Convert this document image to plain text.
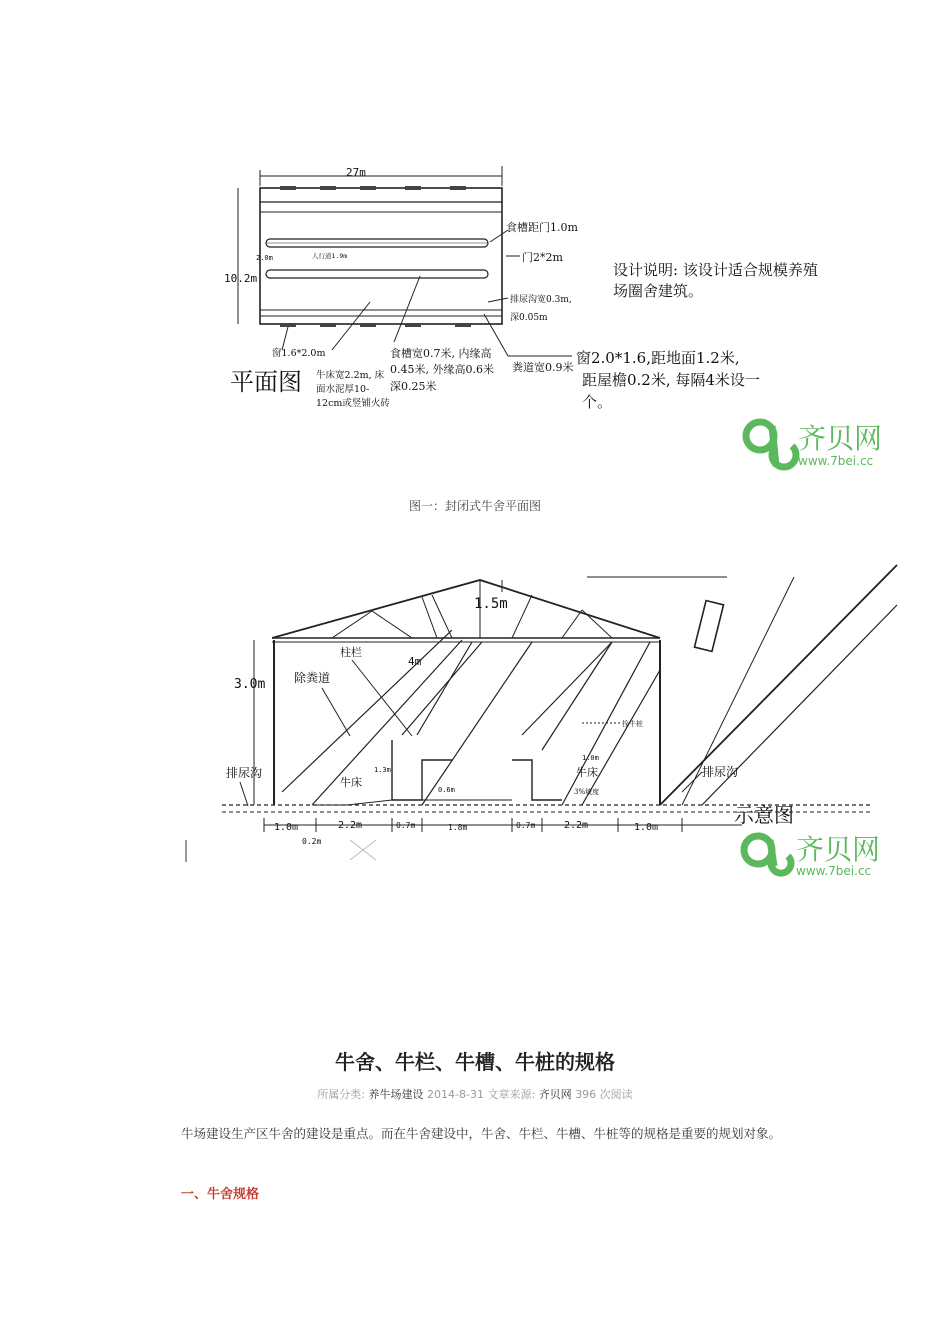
27m
10.2m
2.0m	人行道1.9m
食槽距门1.0m
门2*2m
排尿沟宽0.3m,
深0.05m
设计说明: 该设计适合规模养殖
场圈舍建筑。
窗1.6*2.0m
牛床宽2.2m, 床
面水泥厚10-
12cm或竖铺火砖
食槽宽0.7米, 内缘高
0.45米, 外缘高0.6米
深0.25米
粪道宽0.9米
窗2.0*1.6,距地面1.2米,
距屋檐0.2米, 每隔4米设一
个。
平面图
齐贝网
www.7bei.cc
图一：封闭式牛舍平面图
1.5m
3.0m
柱栏
除粪道
4m
排尿沟
牛床
1.3m
0.6m
拴牛桩
1.0m
牛床
3%坡度
排尿沟
1.0m	2.2m	0.7m	1.8m	0.7m	2.2m	1.0m
0.2m
示意图
齐贝网
www.7bei.cc
牛舍、牛栏、牛槽、牛桩的规格
所属分类: 养牛场建设 2014-8-31 文章来源: 齐贝网 396 次阅读
牛场建设生产区牛舍的建设是重点。而在牛舍建设中，牛舍、牛栏、牛槽、牛桩等的规格是重要的规划对象。
一、牛舍规格
